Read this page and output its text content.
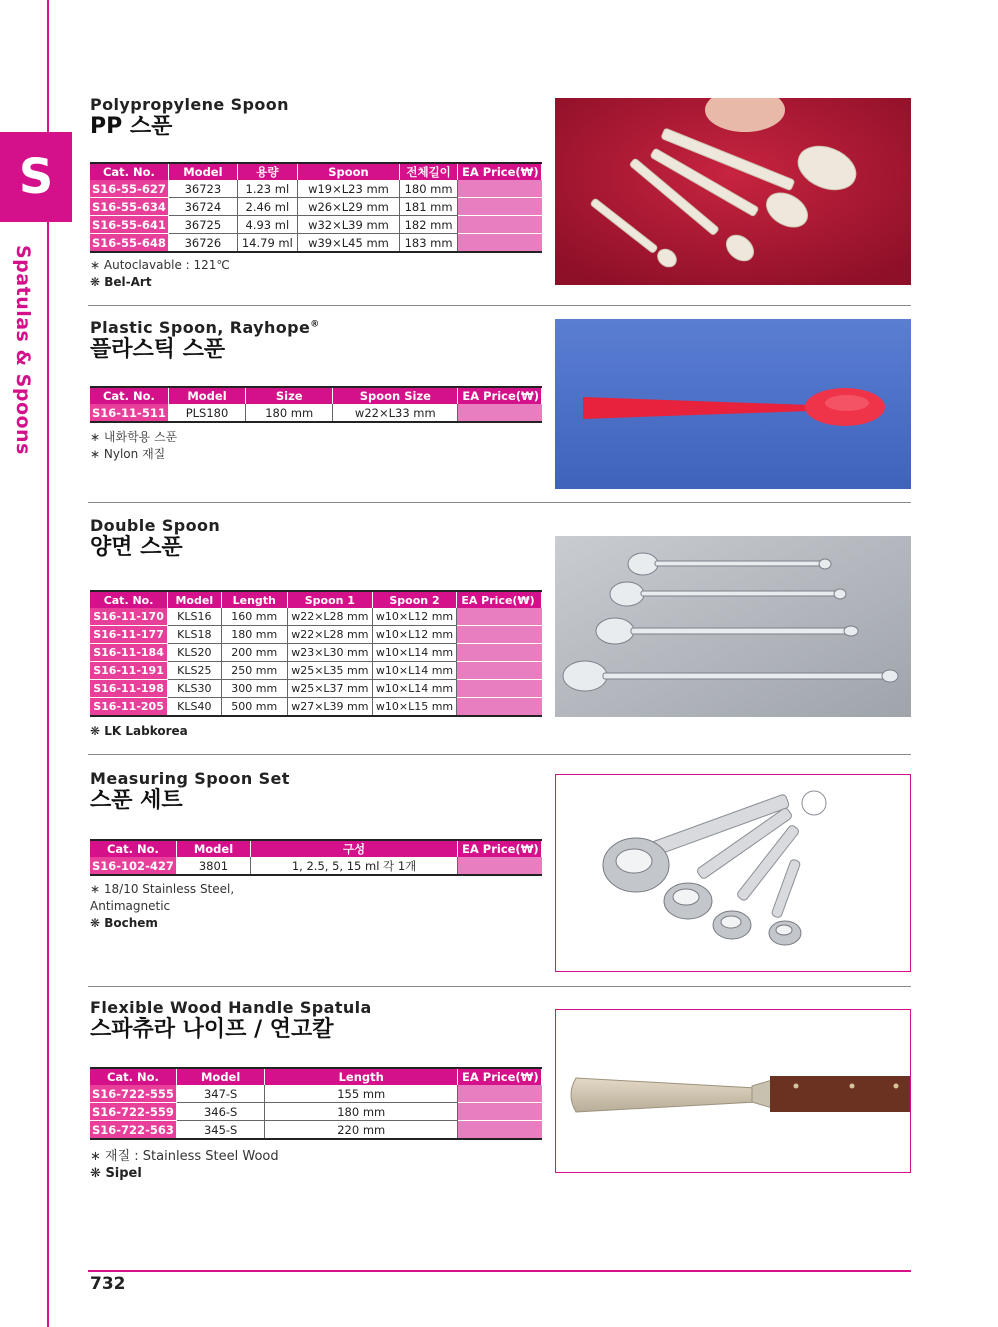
S
Spatulas & Spoons

Polypropylene Spoon

PP 스푼

Cat. No.	Model	용량	Spoon	전체길이	EA Price(₩)
S16-55-627	36723	1.23 ml	w19×L23 mm	180 mm	
S16-55-634	36724	2.46 ml	w26×L29 mm	181 mm	
S16-55-641	36725	4.93 ml	w32×L39 mm	182 mm	
S16-55-648	36726	14.79 ml	w39×L45 mm	183 mm	
∗ Autoclavable : 121℃
❋ Bel-Art

Plastic Spoon, Rayhope®

플라스틱 스푼

Cat. No.	Model	Size	Spoon Size	EA Price(₩)
S16-11-511	PLS180	180 mm	w22×L33 mm	
∗ 내화학용 스푼
∗ Nylon 재질

Double Spoon

양면 스푼

Cat. No.	Model	Length	Spoon 1	Spoon 2	EA Price(₩)
S16-11-170	KLS16	160 mm	w22×L28 mm	w10×L12 mm	
S16-11-177	KLS18	180 mm	w22×L28 mm	w10×L12 mm	
S16-11-184	KLS20	200 mm	w23×L30 mm	w10×L14 mm	
S16-11-191	KLS25	250 mm	w25×L35 mm	w10×L14 mm	
S16-11-198	KLS30	300 mm	w25×L37 mm	w10×L14 mm	
S16-11-205	KLS40	500 mm	w27×L39 mm	w10×L15 mm	
❋ LK Labkorea

Measuring Spoon Set

스푼 세트

Cat. No.	Model	구성	EA Price(₩)
S16-102-427	3801	1, 2.5, 5, 15 ml 각 1개	
∗ 18/10 Stainless Steel, Antimagnetic
❋ Bochem

Flexible Wood Handle Spatula

스파츄라 나이프 / 연고칼

Cat. No.	Model	Length	EA Price(₩)
S16-722-555	347-S	155 mm	
S16-722-559	346-S	180 mm	
S16-722-563	345-S	220 mm	
∗ 재질 : Stainless Steel Wood
❋ Sipel
732
